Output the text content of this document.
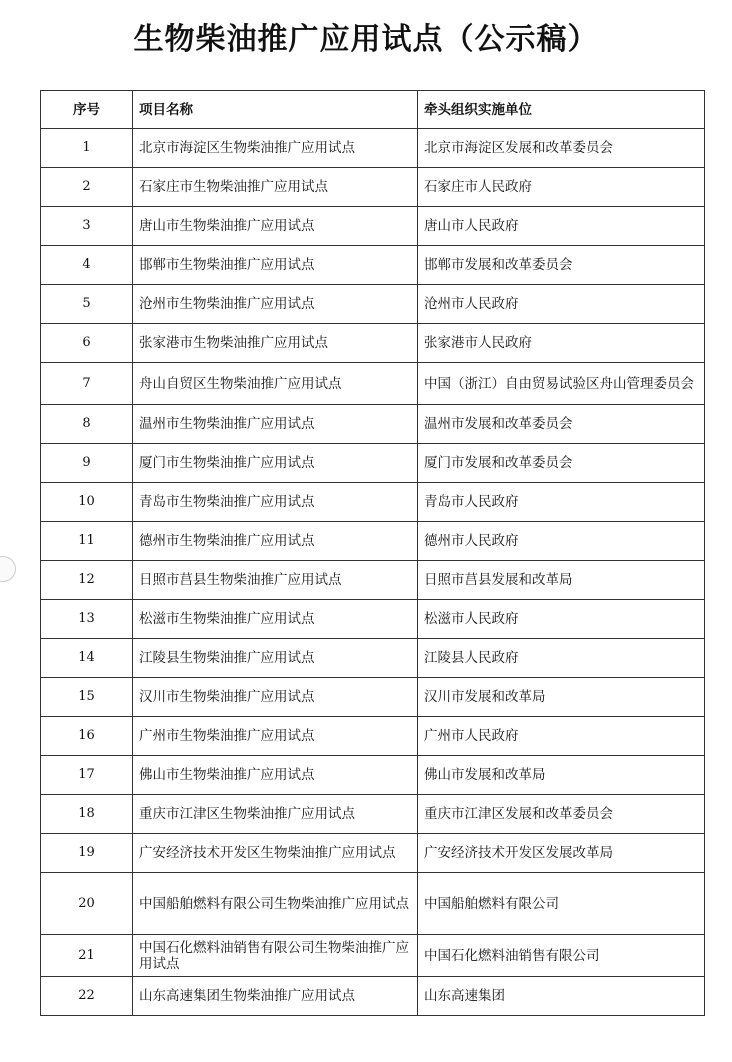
生物柴油推广应用试点（公示稿）
序号	项目名称	牵头组织实施单位
1	北京市海淀区生物柴油推广应用试点	北京市海淀区发展和改革委员会
2	石家庄市生物柴油推广应用试点	石家庄市人民政府
3	唐山市生物柴油推广应用试点	唐山市人民政府
4	邯郸市生物柴油推广应用试点	邯郸市发展和改革委员会
5	沧州市生物柴油推广应用试点	沧州市人民政府
6	张家港市生物柴油推广应用试点	张家港市人民政府
7	舟山自贸区生物柴油推广应用试点	中国（浙江）自由贸易试验区舟山管理委员会
8	温州市生物柴油推广应用试点	温州市发展和改革委员会
9	厦门市生物柴油推广应用试点	厦门市发展和改革委员会
10	青岛市生物柴油推广应用试点	青岛市人民政府
11	德州市生物柴油推广应用试点	德州市人民政府
12	日照市莒县生物柴油推广应用试点	日照市莒县发展和改革局
13	松滋市生物柴油推广应用试点	松滋市人民政府
14	江陵县生物柴油推广应用试点	江陵县人民政府
15	汉川市生物柴油推广应用试点	汉川市发展和改革局
16	广州市生物柴油推广应用试点	广州市人民政府
17	佛山市生物柴油推广应用试点	佛山市发展和改革局
18	重庆市江津区生物柴油推广应用试点	重庆市江津区发展和改革委员会
19	广安经济技术开发区生物柴油推广应用试点	广安经济技术开发区发展改革局
20	中国船舶燃料有限公司生物柴油推广应用试点	中国船舶燃料有限公司
21	中国石化燃料油销售有限公司生物柴油推广应用试点	中国石化燃料油销售有限公司
22	山东高速集团生物柴油推广应用试点	山东高速集团
